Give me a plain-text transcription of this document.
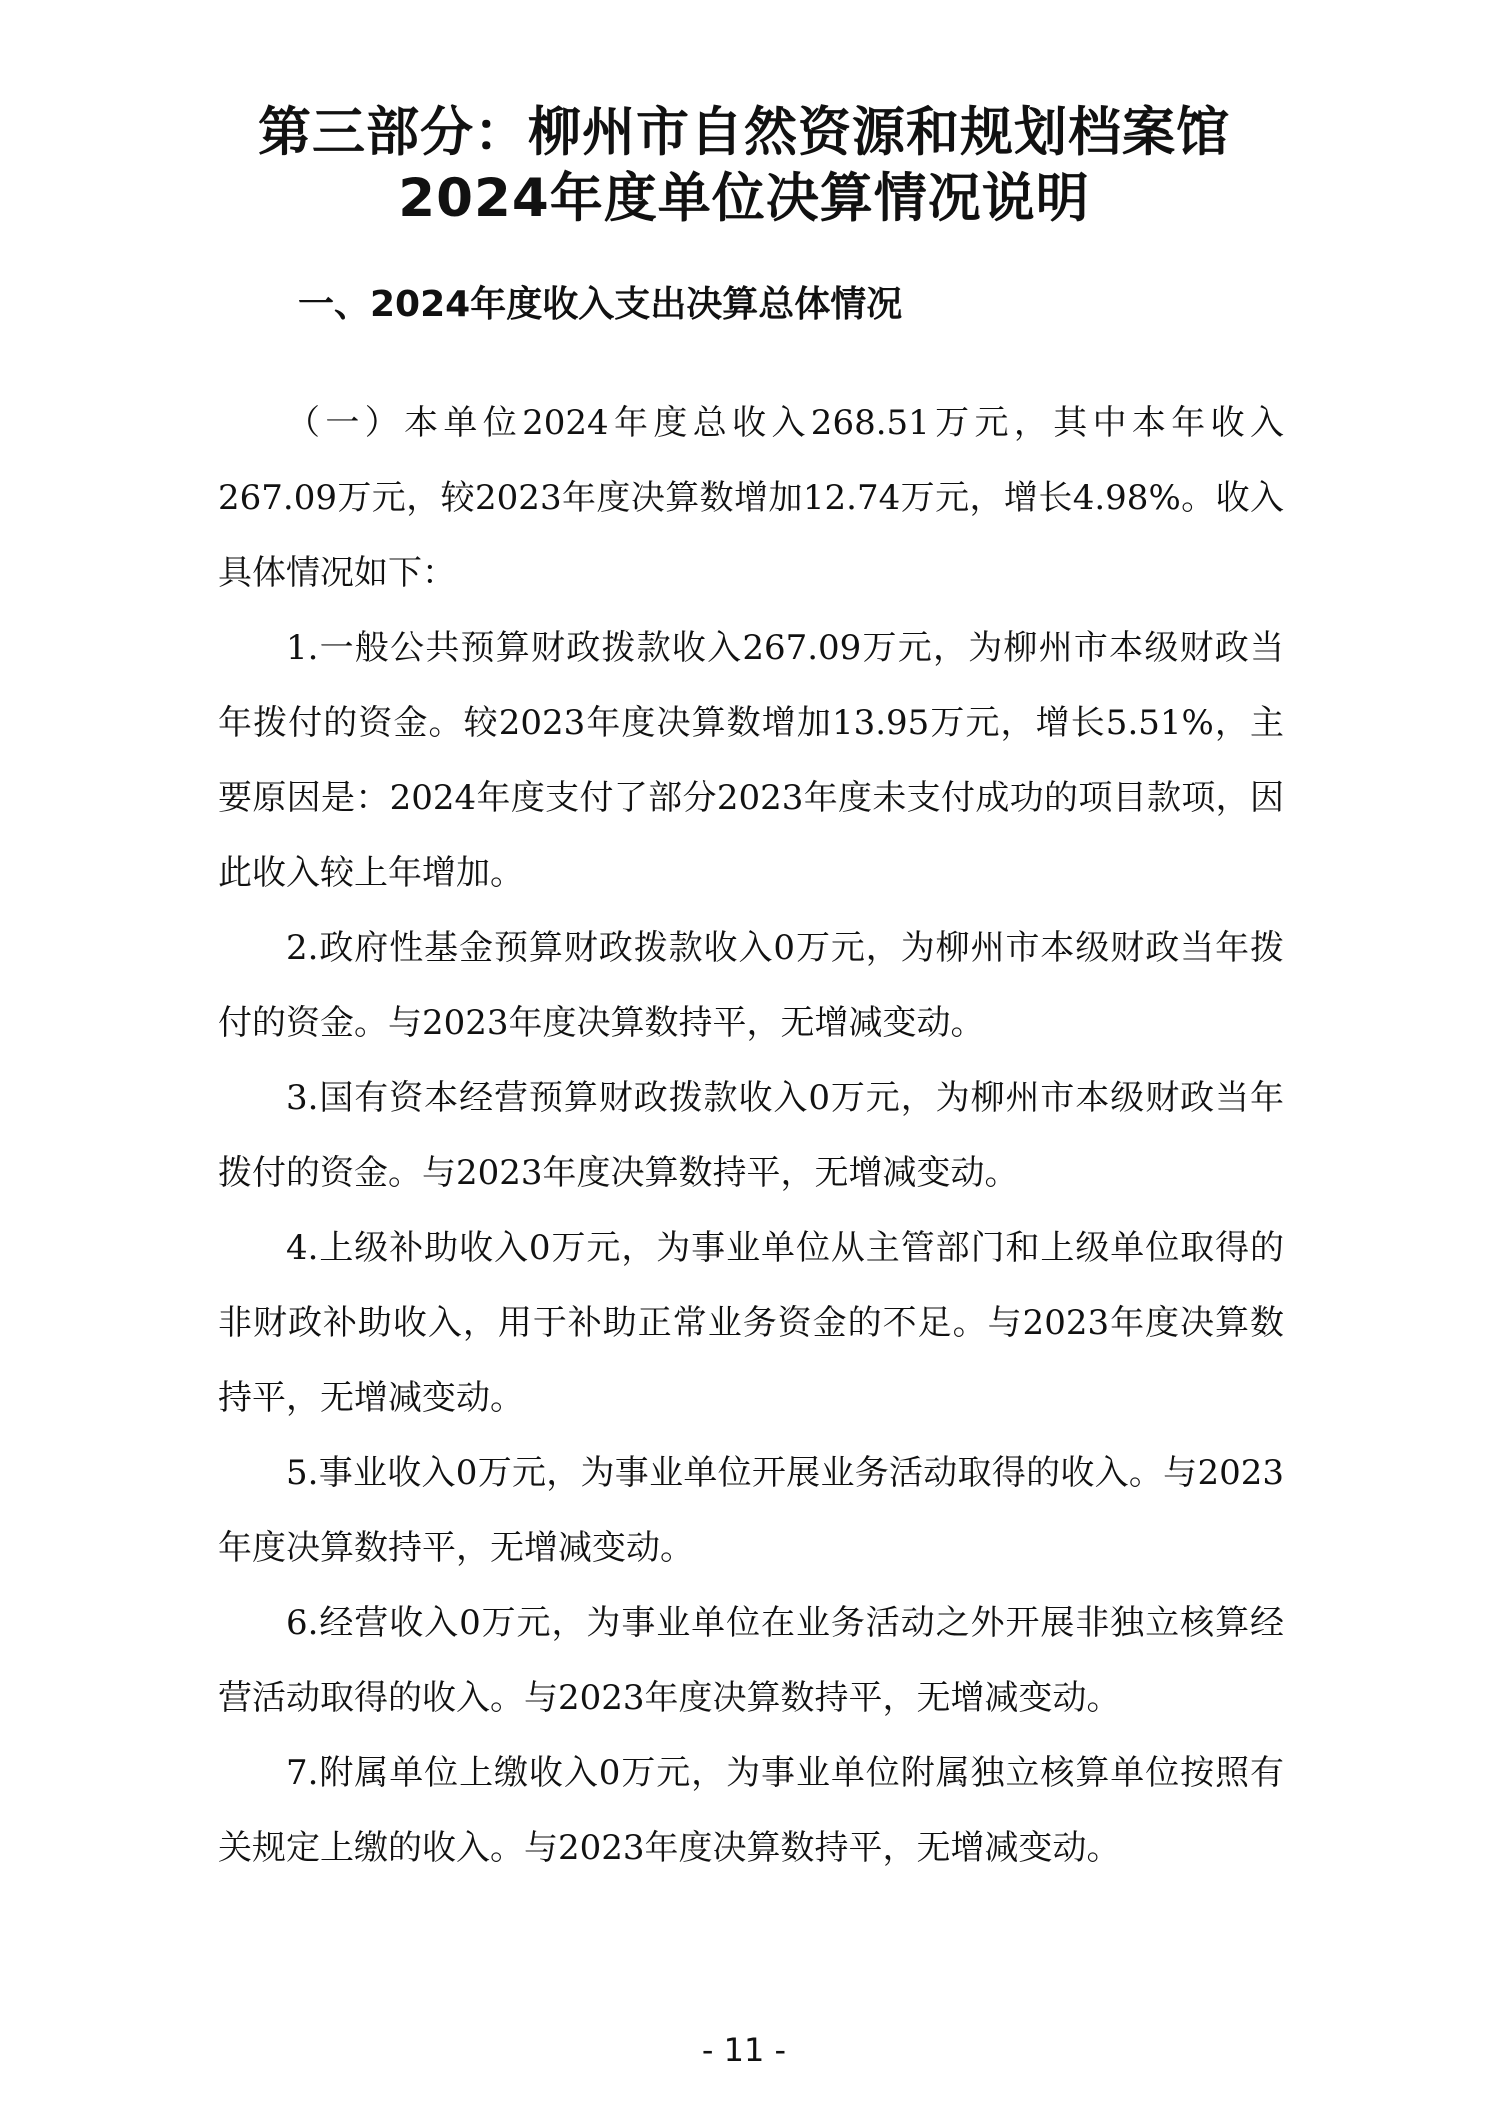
第三部分：柳州市自然资源和规划档案馆
2024年度单位决算情况说明
一、2024年度收入支出决算总体情况

（一）本单位2024年度总收入268.51万元，其中本年收入267.09万元，较2023年度决算数增加12.74万元，增长4.98%。收入具体情况如下：

1.一般公共预算财政拨款收入267.09万元，为柳州市本级财政当年拨付的资金。较2023年度决算数增加13.95万元，增长5.51%，主要原因是：2024年度支付了部分2023年度未支付成功的项目款项，因此收入较上年增加。

2.政府性基金预算财政拨款收入0万元，为柳州市本级财政当年拨付的资金。与2023年度决算数持平，无增减变动。

3.国有资本经营预算财政拨款收入0万元，为柳州市本级财政当年拨付的资金。与2023年度决算数持平，无增减变动。

4.上级补助收入0万元，为事业单位从主管部门和上级单位取得的非财政补助收入，用于补助正常业务资金的不足。与2023年度决算数持平，无增减变动。

5.事业收入0万元，为事业单位开展业务活动取得的收入。与2023年度决算数持平，无增减变动。

6.经营收入0万元，为事业单位在业务活动之外开展非独立核算经营活动取得的收入。与2023年度决算数持平，无增减变动。

7.附属单位上缴收入0万元，为事业单位附属独立核算单位按照有关规定上缴的收入。与2023年度决算数持平，无增减变动。

- 11 -
